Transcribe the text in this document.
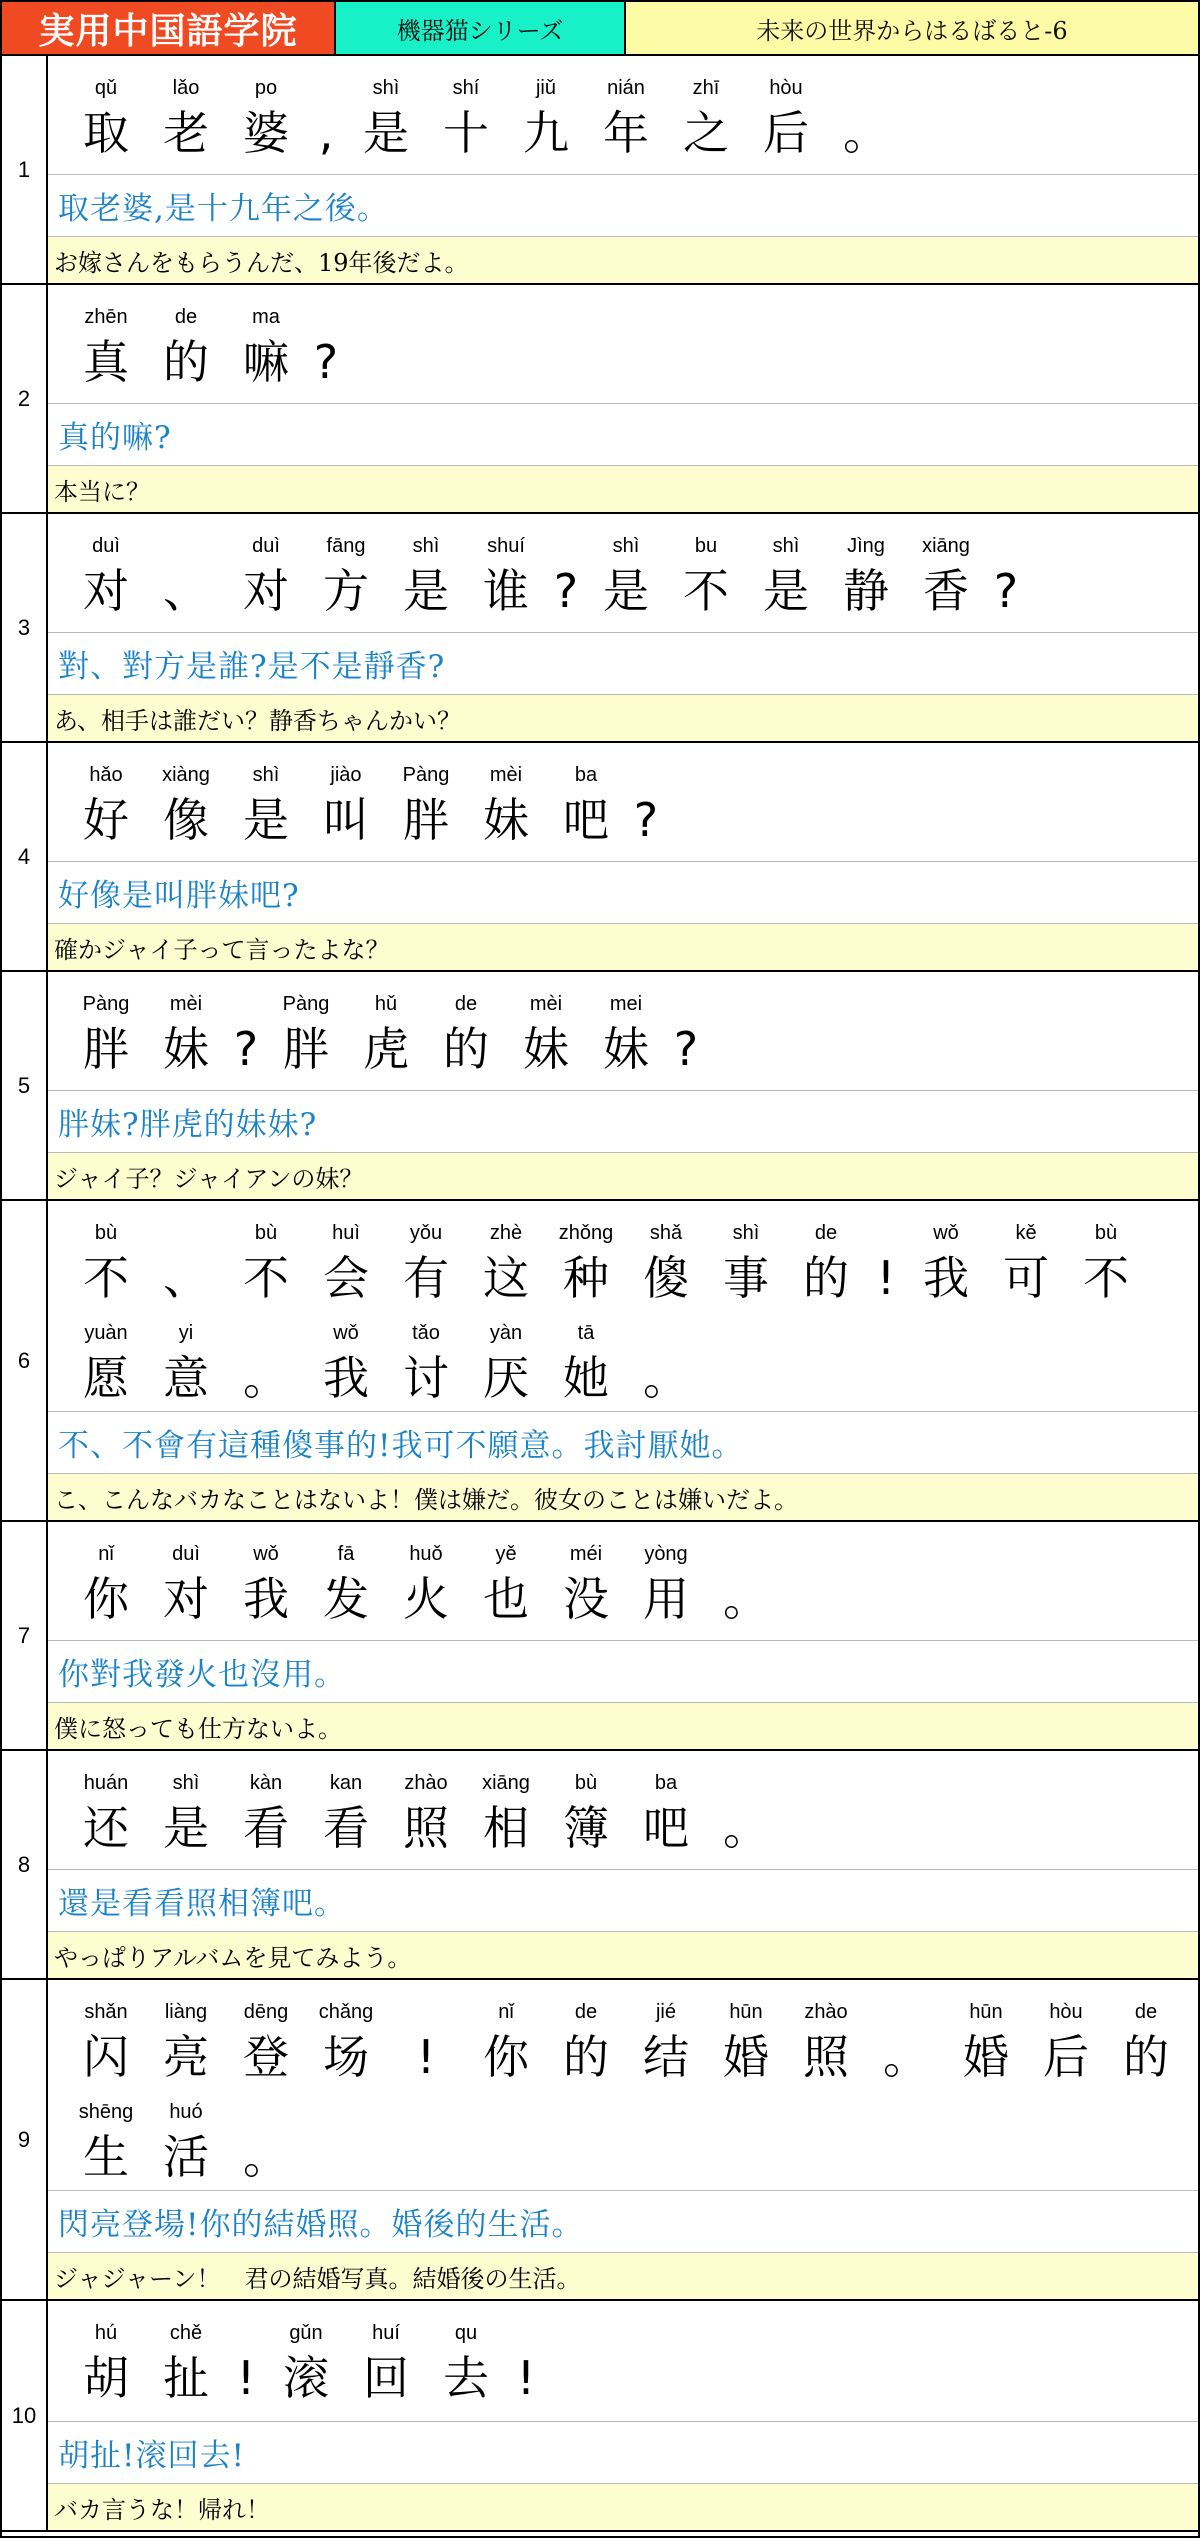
実用中国語学院	機器猫シリーズ	未来の世界からはるばると-6
1
qǔ
取
lǎo
老
po
婆 ,
shì
是
shí
十
jiǔ
九
nián
年
zhī
之
hòu
后 。
取老婆,是十九年之後。
お嫁さんをもらうんだ、19年後だよ。
2
zhēn
真
de
的
ma
嘛 ?
真的嘛?
本当に？
3
duì
对 、
duì
对
fāng
方
shì
是
shuí
谁 ?
shì
是
bu
不
shì
是
Jìng
静
xiāng
香 ?
對、對方是誰?是不是靜香?
あ、相手は誰だい？静香ちゃんかい？
4
hǎo
好
xiàng
像
shì
是
jiào
叫
Pàng
胖
mèi
妹
ba
吧 ?
好像是叫胖妹吧?
確かジャイ子って言ったよな？
5
Pàng
胖
mèi
妹 ?
Pàng
胖
hǔ
虎
de
的
mèi
妹
mei
妹 ?
胖妹?胖虎的妹妹?
ジャイ子？ジャイアンの妹？
6
bù
不 、
bù
不
huì
会
yǒu
有
zhè
这
zhǒng
种
shǎ
傻
shì
事
de
的 !
wǒ
我
kě
可
bù
不
yuàn
愿
yi
意 。
wǒ
我
tǎo
讨
yàn
厌
tā
她 。
不、不會有這種傻事的!我可不願意。我討厭她。
こ、こんなバカなことはないよ！僕は嫌だ。彼女のことは嫌いだよ。
7
nǐ
你
duì
对
wǒ
我
fā
发
huǒ
火
yě
也
méi
没
yòng
用 。
你對我發火也沒用。
僕に怒っても仕方ないよ。
8
huán
还
shì
是
kàn
看
kan
看
zhào
照
xiāng
相
bù
簿
ba
吧 。
還是看看照相簿吧。
やっぱりアルバムを見てみよう。
9
shǎn
闪
liàng
亮
dēng
登
chǎng
场 !
nǐ
你
de
的
jié
结
hūn
婚
zhào
照 。
hūn
婚
hòu
后
de
的
shēng
生
huó
活 。
閃亮登場!你的結婚照。婚後的生活。
ジャジャーン！　君の結婚写真。結婚後の生活。
10
hú
胡
chě
扯 !
gǔn
滚
huí
回
qu
去 !
胡扯!滚回去!
バカ言うな！帰れ！
